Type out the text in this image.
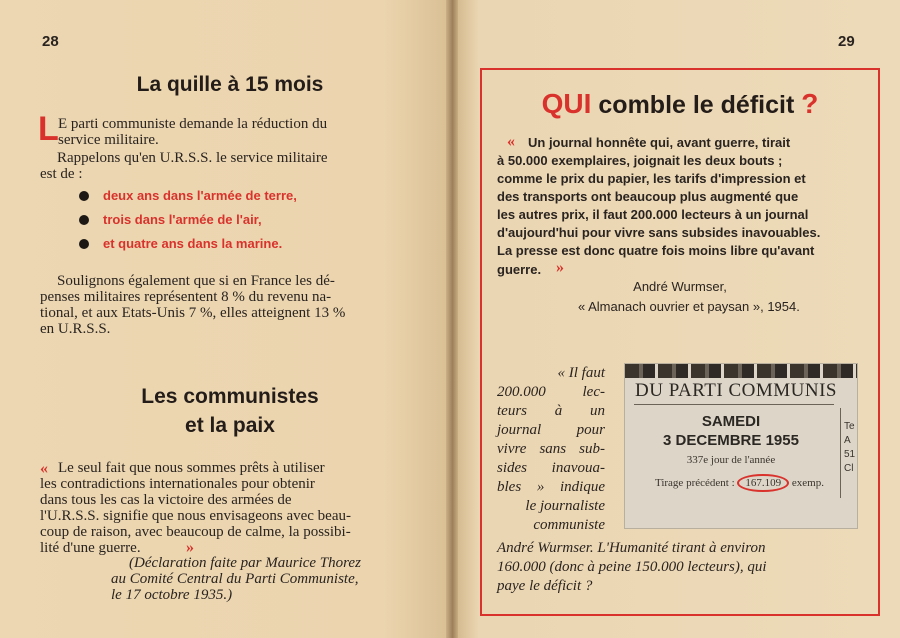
28
La quille à 15 mois
L E parti communiste demande la réduction du
service militaire.
Rappelons qu'en U.R.S.S. le service militaire
est de :
deux ans dans l'armée de terre,
trois dans l'armée de l'air,
et quatre ans dans la marine.
Soulignons également que si en France les dé-
penses militaires représentent 8 % du revenu na-
tional, et aux Etats-Unis 7 %, elles atteignent 13 %
en U.R.S.S.
Les communistes
et la paix
« Le seul fait que nous sommes prêts à utiliser
les contradictions internationales pour obtenir
dans tous les cas la victoire des armées de
l'U.R.S.S. signifie que nous envisageons avec beau-
coup de raison, avec beaucoup de calme, la possibi-
lité d'une guerre.	»
(Déclaration faite par Maurice Thorez
au Comité Central du Parti Communiste,
le 17 octobre 1935.)
29
QUI comble le déficit ?
« Un journal honnête qui, avant guerre, tirait
à 50.000 exemplaires, joignait les deux bouts ;
comme le prix du papier, les tarifs d'impression et
des transports ont beaucoup plus augmenté que
les autres prix, il faut 200.000 lecteurs à un journal
d'aujourd'hui pour vivre sans subsides inavouables.
La presse est donc quatre fois moins libre qu'avant
guerre. »
André Wurmser,
« Almanach ouvrier et paysan », 1954.
« Il faut
200.000 lec-
teurs à un
journal pour
vivre sans sub-
sides inavoua-
bles » indique
le journaliste
communiste
André Wurmser. L'Humanité tirant à environ
160.000 (donc à peine 150.000 lecteurs), qui
paye le déficit ?
DU PARTI COMMUNIS
SAMEDI
3 DECEMBRE 1955
337e jour de l'année
Tirage précédent : 167.109 exemp.
Te
A
51
Cl
